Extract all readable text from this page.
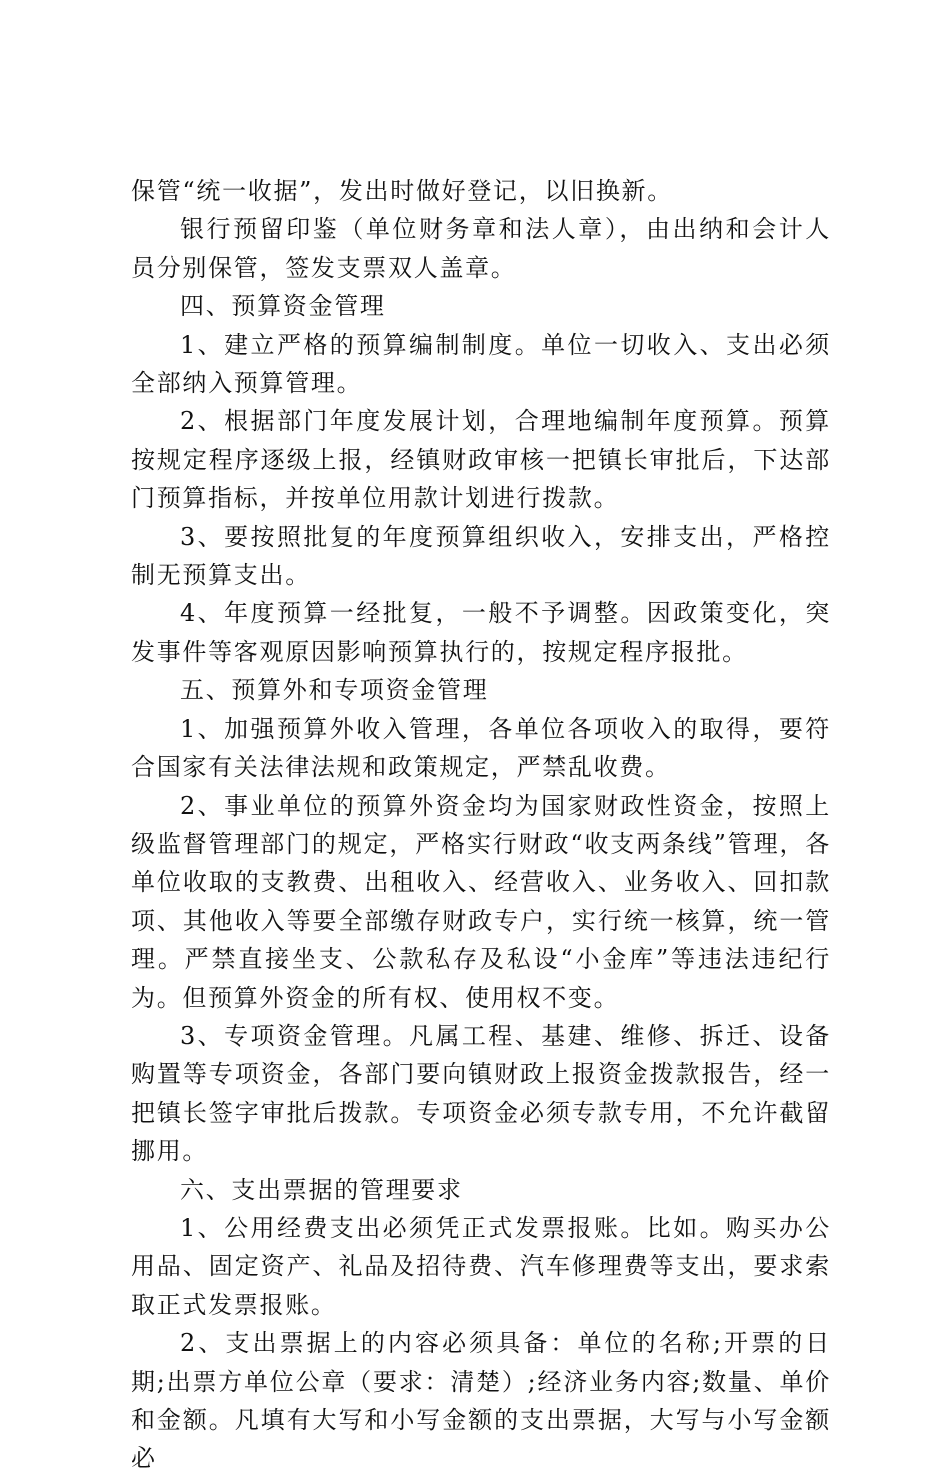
保管“统一收据”，发出时做好登记，以旧换新。

银行预留印鉴（单位财务章和法人章），由出纳和会计人员分别保管，签发支票双人盖章。

四、预算资金管理

1、建立严格的预算编制制度。单位一切收入、支出必须全部纳入预算管理。

2、根据部门年度发展计划，合理地编制年度预算。预算按规定程序逐级上报，经镇财政审核一把镇长审批后，下达部门预算指标，并按单位用款计划进行拨款。

3、要按照批复的年度预算组织收入，安排支出，严格控制无预算支出。

4、年度预算一经批复，一般不予调整。因政策变化，突发事件等客观原因影响预算执行的，按规定程序报批。

五、预算外和专项资金管理

1、加强预算外收入管理，各单位各项收入的取得，要符合国家有关法律法规和政策规定，严禁乱收费。

2、事业单位的预算外资金均为国家财政性资金，按照上级监督管理部门的规定，严格实行财政“收支两条线”管理，各单位收取的支教费、出租收入、经营收入、业务收入、回扣款项、其他收入等要全部缴存财政专户，实行统一核算，统一管理。严禁直接坐支、公款私存及私设“小金库”等违法违纪行为。但预算外资金的所有权、使用权不变。

3、专项资金管理。凡属工程、基建、维修、拆迁、设备购置等专项资金，各部门要向镇财政上报资金拨款报告，经一把镇长签字审批后拨款。专项资金必须专款专用，不允许截留挪用。

六、支出票据的管理要求

1、公用经费支出必须凭正式发票报账。比如。购买办公用品、固定资产、礼品及招待费、汽车修理费等支出，要求索取正式发票报账。

2、支出票据上的内容必须具备：单位的名称;开票的日期;出票方单位公章（要求：清楚）;经济业务内容;数量、单价和金额。凡填有大写和小写金额的支出票据，大写与小写金额必
